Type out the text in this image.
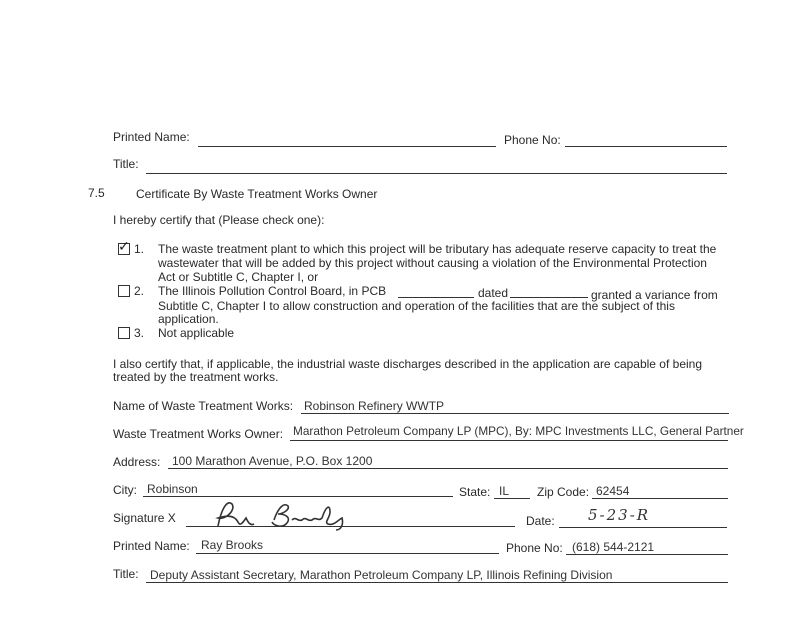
Printed Name:	Phone No:
Title:
7.5	Certificate By Waste Treatment Works Owner
I hereby certify that (Please check one):
✓ 1. The waste treatment plant to which this project will be tributary has adequate reserve capacity to treat the
wastewater that will be added by this project without causing a violation of the Environmental Protection
Act or Subtitle C, Chapter I, or
2. The Illinois Pollution Control Board, in PCB	dated	granted a variance from
Subtitle C, Chapter I to allow construction and operation of the facilities that are the subject of this
application.
3. Not applicable
I also certify that, if applicable, the industrial waste discharges described in the application are capable of being
treated by the treatment works.
Name of Waste Treatment Works: Robinson Refinery WWTP
Waste Treatment Works Owner: Marathon Petroleum Company LP (MPC), By: MPC Investments LLC, General Partner
Address: 100 Marathon Avenue, P.O. Box 1200
City: Robinson	State: IL Zip Code: 62454
Signature X	Date: 5-23-R
Printed Name: Ray Brooks	Phone No: (618) 544-2121
Title: Deputy Assistant Secretary, Marathon Petroleum Company LP, Illinois Refining Division
